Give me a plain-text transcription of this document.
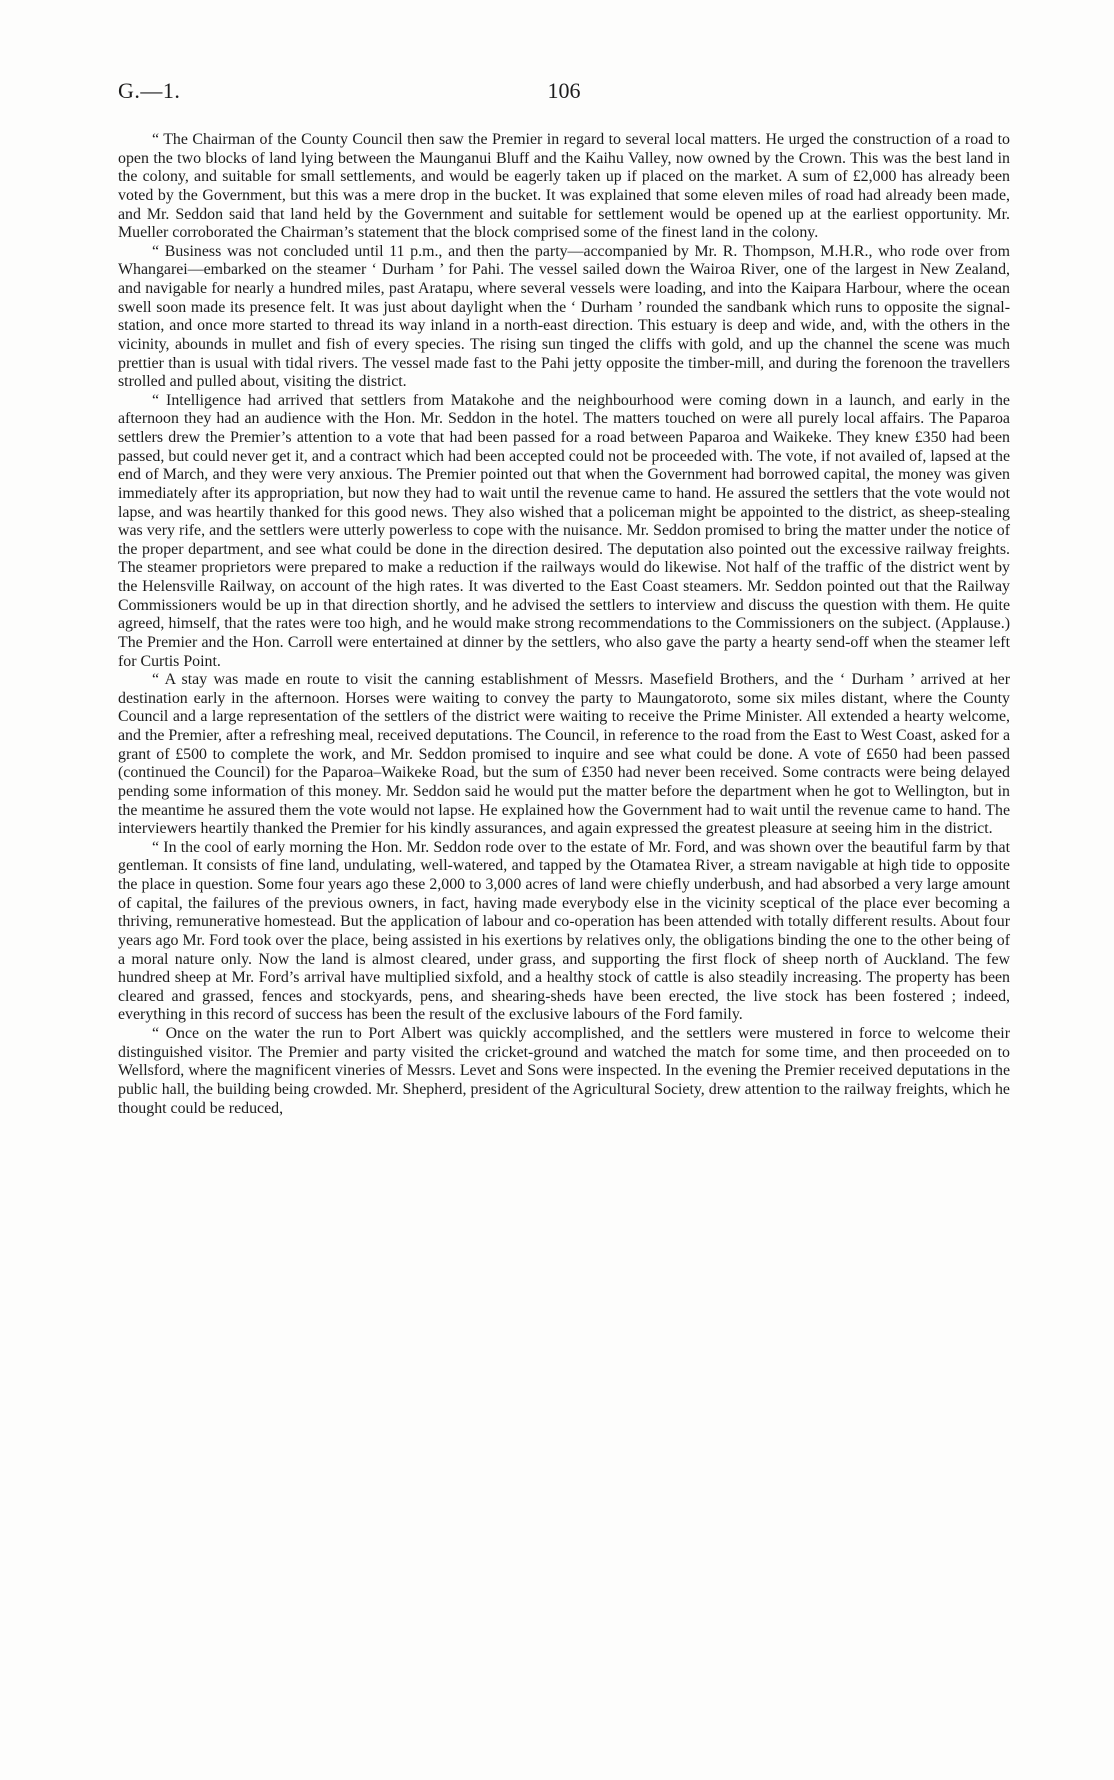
G.—1.	106

“ The Chairman of the County Council then saw the Premier in regard to several local matters. He urged the construction of a road to open the two blocks of land lying between the Maunganui Bluff and the Kaihu Valley, now owned by the Crown. This was the best land in the colony, and suitable for small settlements, and would be eagerly taken up if placed on the market. A sum of £2,000 has already been voted by the Government, but this was a mere drop in the bucket. It was explained that some eleven miles of road had already been made, and Mr. Seddon said that land held by the Government and suitable for settlement would be opened up at the earliest opportunity. Mr. Mueller corroborated the Chairman’s statement that the block comprised some of the finest land in the colony.

“ Business was not concluded until 11 p.m., and then the party—accompanied by Mr. R. Thompson, M.H.R., who rode over from Whangarei—embarked on the steamer ‘ Durham ’ for Pahi. The vessel sailed down the Wairoa River, one of the largest in New Zealand, and navigable for nearly a hundred miles, past Aratapu, where several vessels were loading, and into the Kaipara Harbour, where the ocean swell soon made its presence felt. It was just about daylight when the ‘ Durham ’ rounded the sandbank which runs to opposite the signal-station, and once more started to thread its way inland in a north-east direction. This estuary is deep and wide, and, with the others in the vicinity, abounds in mullet and fish of every species. The rising sun tinged the cliffs with gold, and up the channel the scene was much prettier than is usual with tidal rivers. The vessel made fast to the Pahi jetty opposite the timber-mill, and during the forenoon the travellers strolled and pulled about, visiting the district.

“ Intelligence had arrived that settlers from Matakohe and the neighbourhood were coming down in a launch, and early in the afternoon they had an audience with the Hon. Mr. Seddon in the hotel. The matters touched on were all purely local affairs. The Paparoa settlers drew the Premier’s attention to a vote that had been passed for a road between Paparoa and Waikeke. They knew £350 had been passed, but could never get it, and a contract which had been accepted could not be proceeded with. The vote, if not availed of, lapsed at the end of March, and they were very anxious. The Premier pointed out that when the Government had borrowed capital, the money was given immediately after its appropriation, but now they had to wait until the revenue came to hand. He assured the settlers that the vote would not lapse, and was heartily thanked for this good news. They also wished that a policeman might be appointed to the district, as sheep-stealing was very rife, and the settlers were utterly powerless to cope with the nuisance. Mr. Seddon promised to bring the matter under the notice of the proper department, and see what could be done in the direction desired. The deputation also pointed out the excessive railway freights. The steamer proprietors were prepared to make a reduction if the railways would do likewise. Not half of the traffic of the district went by the Helensville Railway, on account of the high rates. It was diverted to the East Coast steamers. Mr. Seddon pointed out that the Railway Commissioners would be up in that direction shortly, and he advised the settlers to interview and discuss the question with them. He quite agreed, himself, that the rates were too high, and he would make strong recommendations to the Commissioners on the subject. (Applause.) The Premier and the Hon. Carroll were entertained at dinner by the settlers, who also gave the party a hearty send-off when the steamer left for Curtis Point.

“ A stay was made en route to visit the canning establishment of Messrs. Masefield Brothers, and the ‘ Durham ’ arrived at her destination early in the afternoon. Horses were waiting to convey the party to Maungatoroto, some six miles distant, where the County Council and a large representation of the settlers of the district were waiting to receive the Prime Minister. All extended a hearty welcome, and the Premier, after a refreshing meal, received deputations. The Council, in reference to the road from the East to West Coast, asked for a grant of £500 to complete the work, and Mr. Seddon promised to inquire and see what could be done. A vote of £650 had been passed (continued the Council) for the Paparoa–Waikeke Road, but the sum of £350 had never been received. Some contracts were being delayed pending some information of this money. Mr. Seddon said he would put the matter before the department when he got to Wellington, but in the meantime he assured them the vote would not lapse. He explained how the Government had to wait until the revenue came to hand. The interviewers heartily thanked the Premier for his kindly assurances, and again expressed the greatest pleasure at seeing him in the district.

“ In the cool of early morning the Hon. Mr. Seddon rode over to the estate of Mr. Ford, and was shown over the beautiful farm by that gentleman. It consists of fine land, undulating, well-watered, and tapped by the Otamatea River, a stream navigable at high tide to opposite the place in question. Some four years ago these 2,000 to 3,000 acres of land were chiefly underbush, and had absorbed a very large amount of capital, the failures of the previous owners, in fact, having made everybody else in the vicinity sceptical of the place ever becoming a thriving, remunerative homestead. But the application of labour and co-operation has been attended with totally different results. About four years ago Mr. Ford took over the place, being assisted in his exertions by relatives only, the obligations binding the one to the other being of a moral nature only. Now the land is almost cleared, under grass, and supporting the first flock of sheep north of Auckland. The few hundred sheep at Mr. Ford’s arrival have multiplied sixfold, and a healthy stock of cattle is also steadily increasing. The property has been cleared and grassed, fences and stockyards, pens, and shearing-sheds have been erected, the live stock has been fostered ; indeed, everything in this record of success has been the result of the exclusive labours of the Ford family.

“ Once on the water the run to Port Albert was quickly accomplished, and the settlers were mustered in force to welcome their distinguished visitor. The Premier and party visited the cricket-ground and watched the match for some time, and then proceeded on to Wellsford, where the magnificent vineries of Messrs. Levet and Sons were inspected. In the evening the Premier received deputations in the public hall, the building being crowded. Mr. Shepherd, president of the Agricultural Society, drew attention to the railway freights, which he thought could be reduced,
